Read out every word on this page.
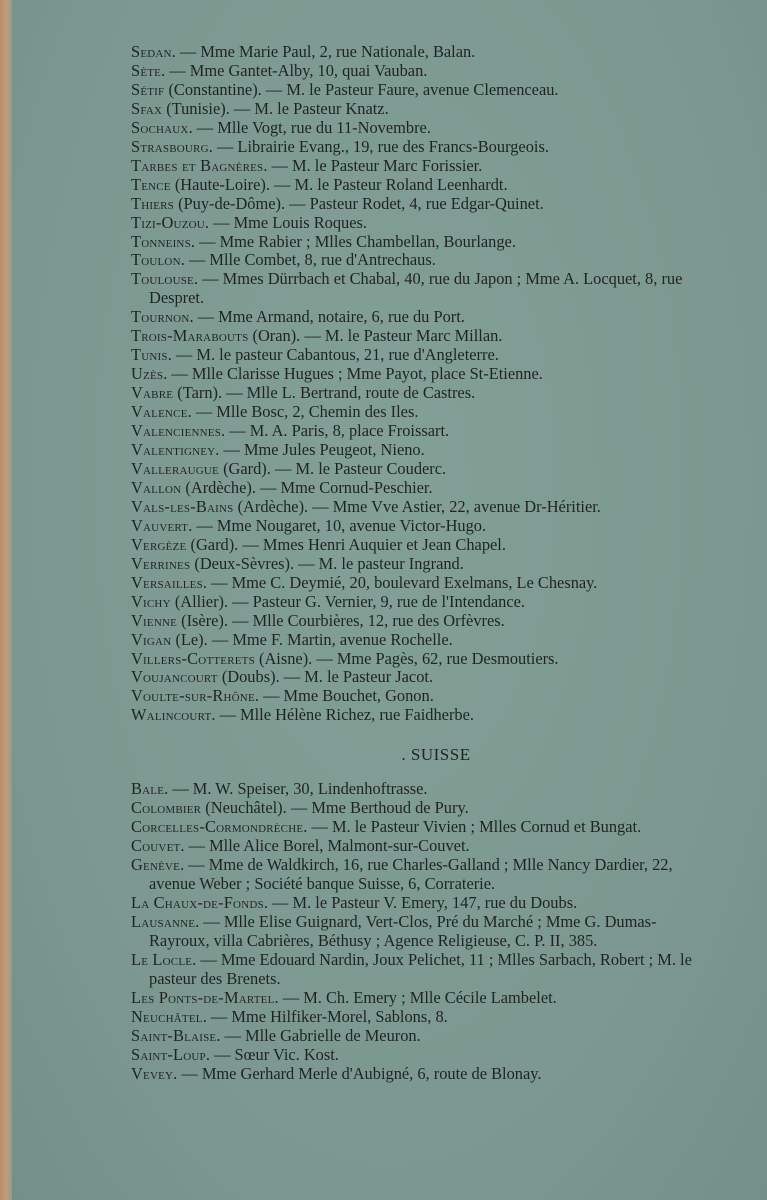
Sedan. — Mme Marie Paul, 2, rue Nationale, Balan.

Sète. — Mme Gantet-Alby, 10, quai Vauban.

Sétif (Constantine). — M. le Pasteur Faure, avenue Clemenceau.

Sfax (Tunisie). — M. le Pasteur Knatz.

Sochaux. — Mlle Vogt, rue du 11-Novembre.

Strasbourg. — Librairie Evang., 19, rue des Francs-Bourgeois.

Tarbes et Bagnères. — M. le Pasteur Marc Forissier.

Tence (Haute-Loire). — M. le Pasteur Roland Leenhardt.

Thiers (Puy-de-Dôme). — Pasteur Rodet, 4, rue Edgar-Quinet.

Tizi-Ouzou. — Mme Louis Roques.

Tonneins. — Mme Rabier ; Mlles Chambellan, Bourlange.

Toulon. — Mlle Combet, 8, rue d'Antrechaus.

Toulouse. — Mmes Dürrbach et Chabal, 40, rue du Japon ; Mme A. Locquet, 8, rue Despret.

Tournon. — Mme Armand, notaire, 6, rue du Port.

Trois-Marabouts (Oran). — M. le Pasteur Marc Millan.

Tunis. — M. le pasteur Cabantous, 21, rue d'Angleterre.

Uzès. — Mlle Clarisse Hugues ; Mme Payot, place St-Etienne.

Vabre (Tarn). — Mlle L. Bertrand, route de Castres.

Valence. — Mlle Bosc, 2, Chemin des Iles.

Valenciennes. — M. A. Paris, 8, place Froissart.

Valentigney. — Mme Jules Peugeot, Nieno.

Valleraugue (Gard). — M. le Pasteur Couderc.

Vallon (Ardèche). — Mme Cornud-Peschier.

Vals-les-Bains (Ardèche). — Mme Vve Astier, 22, avenue Dr-Héritier.

Vauvert. — Mme Nougaret, 10, avenue Victor-Hugo.

Vergèze (Gard). — Mmes Henri Auquier et Jean Chapel.

Verrines (Deux-Sèvres). — M. le pasteur Ingrand.

Versailles. — Mme C. Deymié, 20, boulevard Exelmans, Le Chesnay.

Vichy (Allier). — Pasteur G. Vernier, 9, rue de l'Intendance.

Vienne (Isère). — Mlle Courbières, 12, rue des Orfèvres.

Vigan (Le). — Mme F. Martin, avenue Rochelle.

Villers-Cotterets (Aisne). — Mme Pagès, 62, rue Desmoutiers.

Voujancourt (Doubs). — M. le Pasteur Jacot.

Voulte-sur-Rhône. — Mme Bouchet, Gonon.

Walincourt. — Mlle Hélène Richez, rue Faidherbe.

. SUISSE

Bale. — M. W. Speiser, 30, Lindenhoftrasse.

Colombier (Neuchâtel). — Mme Berthoud de Pury.

Corcelles-Cormondrèche. — M. le Pasteur Vivien ; Mlles Cornud et Bungat.

Couvet. — Mlle Alice Borel, Malmont-sur-Couvet.

Genève. — Mme de Waldkirch, 16, rue Charles-Galland ; Mlle Nancy Dardier, 22, avenue Weber ; Société banque Suisse, 6, Corraterie.

La Chaux-de-Fonds. — M. le Pasteur V. Emery, 147, rue du Doubs.

Lausanne. — Mlle Elise Guignard, Vert-Clos, Pré du Marché ; Mme G. Dumas-Rayroux, villa Cabrières, Béthusy ; Agence Religieuse, C. P. II, 385.

Le Locle. — Mme Edouard Nardin, Joux Pelichet, 11 ; Mlles Sarbach, Robert ; M. le pasteur des Brenets.

Les Ponts-de-Martel. — M. Ch. Emery ; Mlle Cécile Lambelet.

Neuchâtel. — Mme Hilfiker-Morel, Sablons, 8.

Saint-Blaise. — Mlle Gabrielle de Meuron.

Saint-Loup. — Sœur Vic. Kost.

Vevey. — Mme Gerhard Merle d'Aubigné, 6, route de Blonay.
